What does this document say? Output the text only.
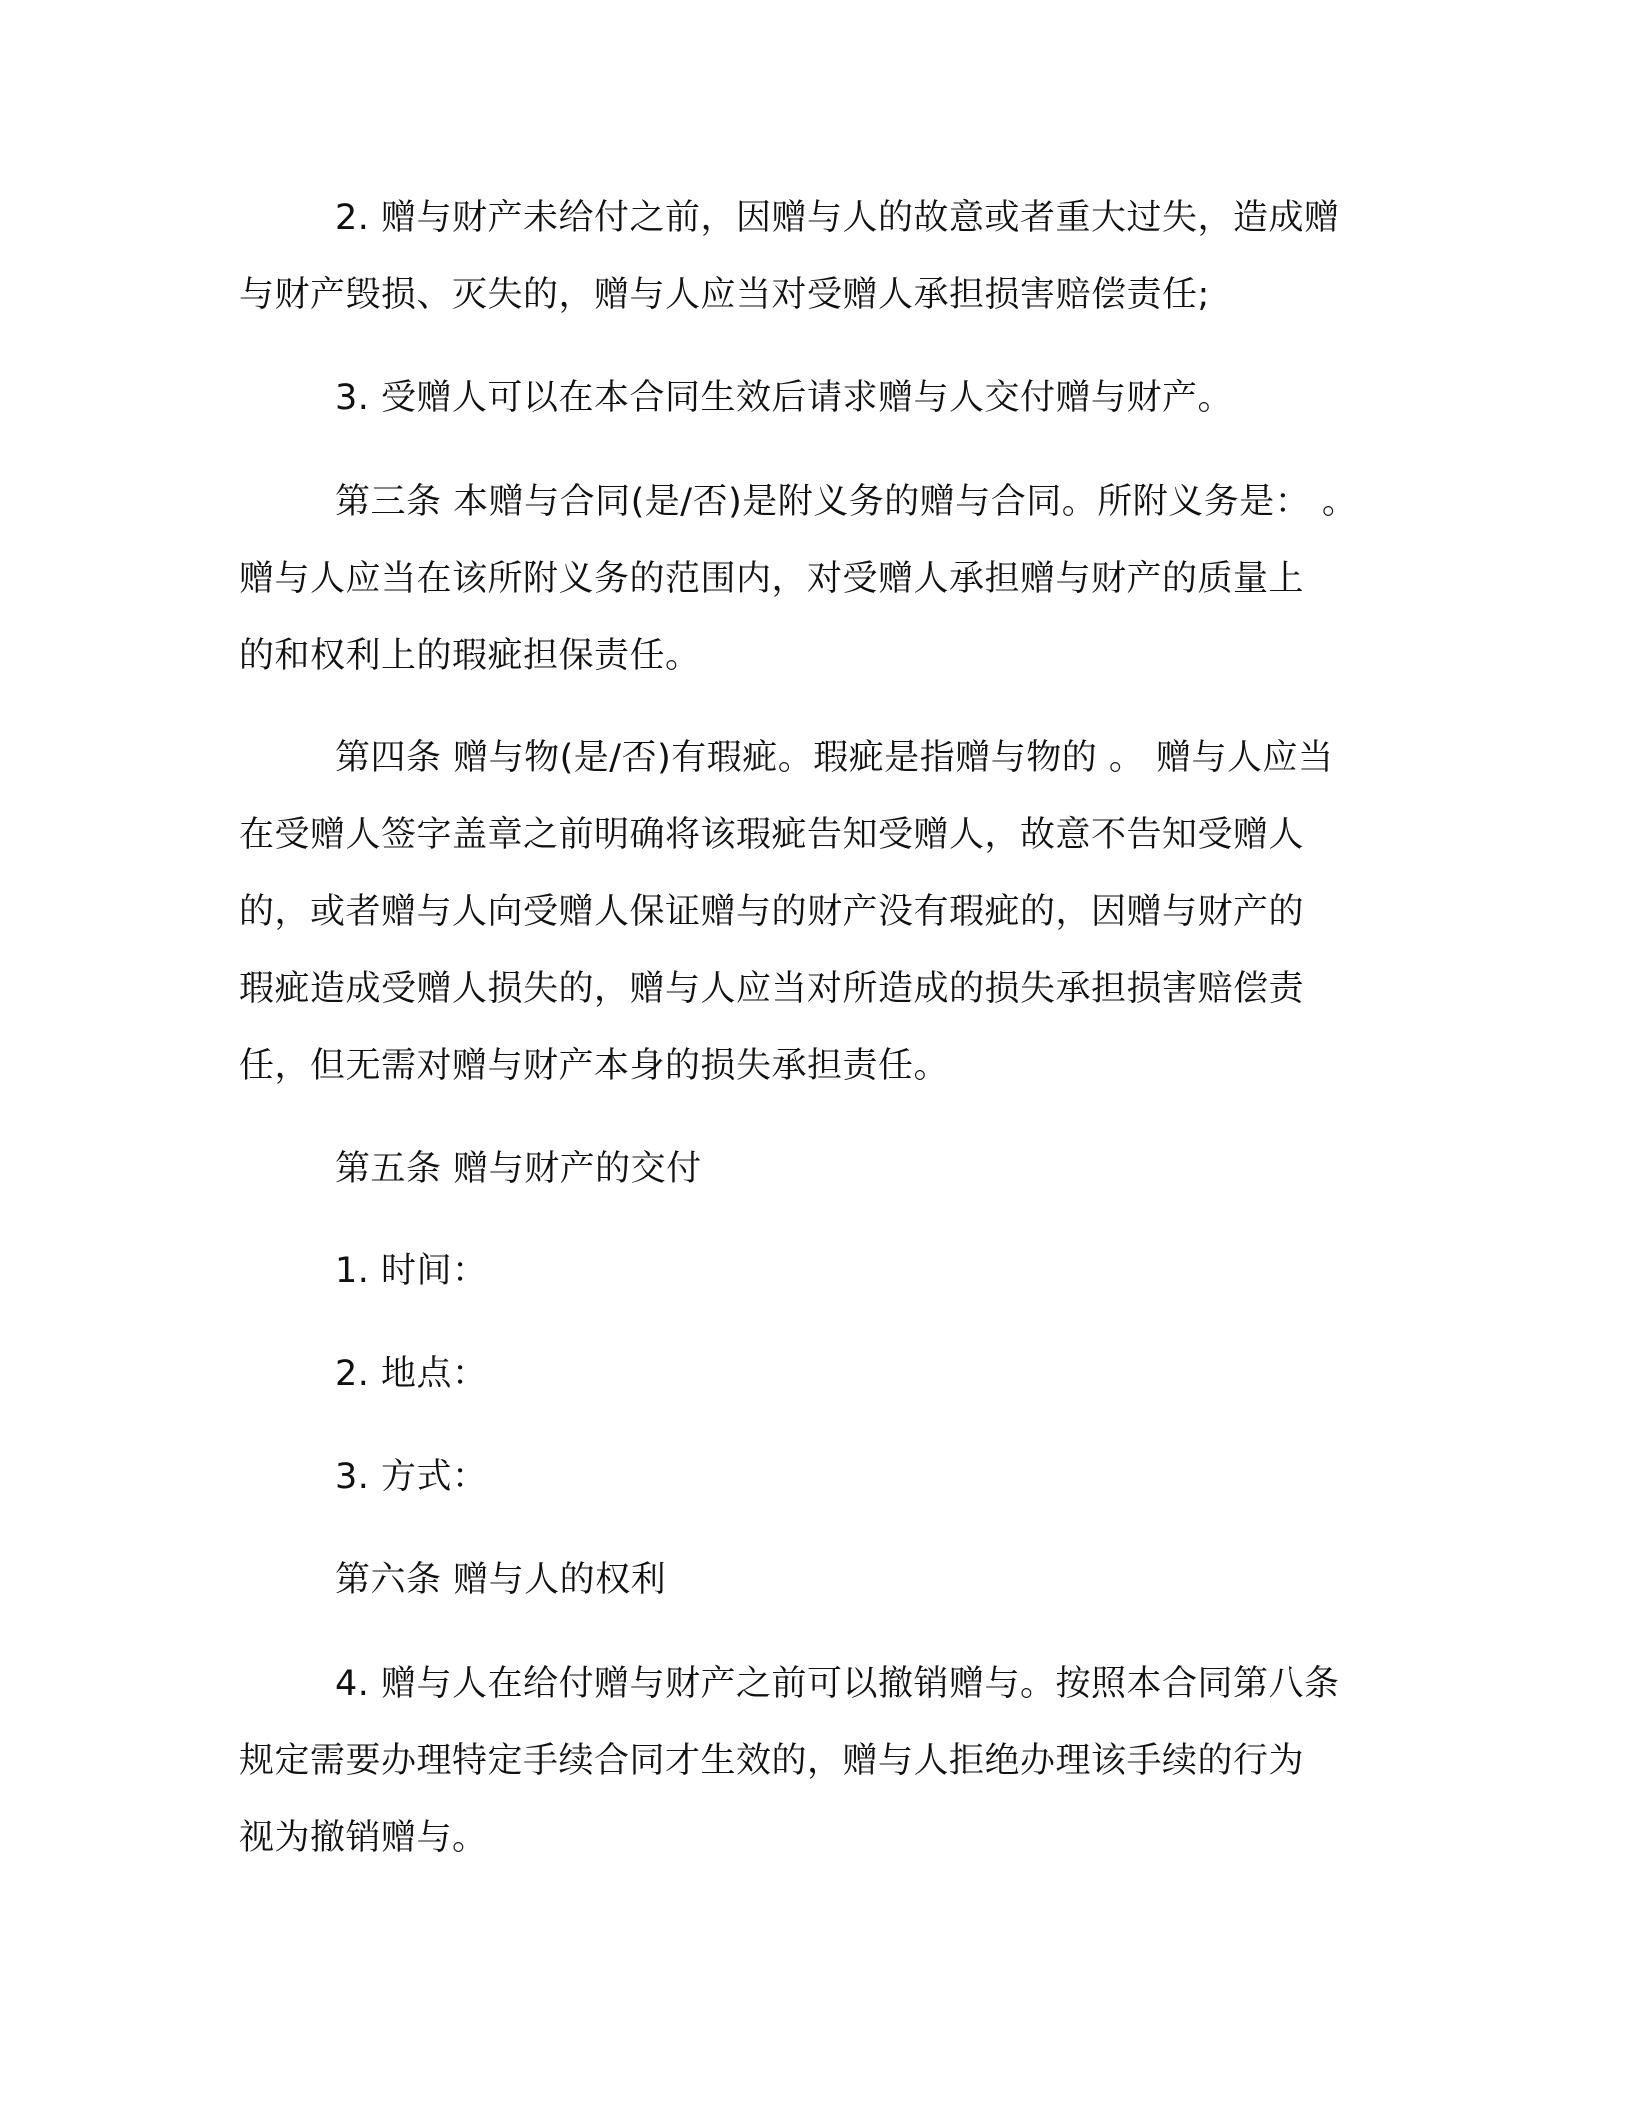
2. 赠与财产未给付之前，因赠与人的故意或者重大过失，造成赠
与财产毁损、灭失的，赠与人应当对受赠人承担损害赔偿责任;

3. 受赠人可以在本合同生效后请求赠与人交付赠与财产。

第三条 本赠与合同(是/否)是附义务的赠与合同。所附义务是： 。
赠与人应当在该所附义务的范围内，对受赠人承担赠与财产的质量上
的和权利上的瑕疵担保责任。

第四条 赠与物(是/否)有瑕疵。瑕疵是指赠与物的 。 赠与人应当
在受赠人签字盖章之前明确将该瑕疵告知受赠人，故意不告知受赠人
的，或者赠与人向受赠人保证赠与的财产没有瑕疵的，因赠与财产的
瑕疵造成受赠人损失的，赠与人应当对所造成的损失承担损害赔偿责
任，但无需对赠与财产本身的损失承担责任。

第五条 赠与财产的交付

1. 时间：

2. 地点：

3. 方式：

第六条 赠与人的权利

4. 赠与人在给付赠与财产之前可以撤销赠与。按照本合同第八条
规定需要办理特定手续合同才生效的，赠与人拒绝办理该手续的行为
视为撤销赠与。
